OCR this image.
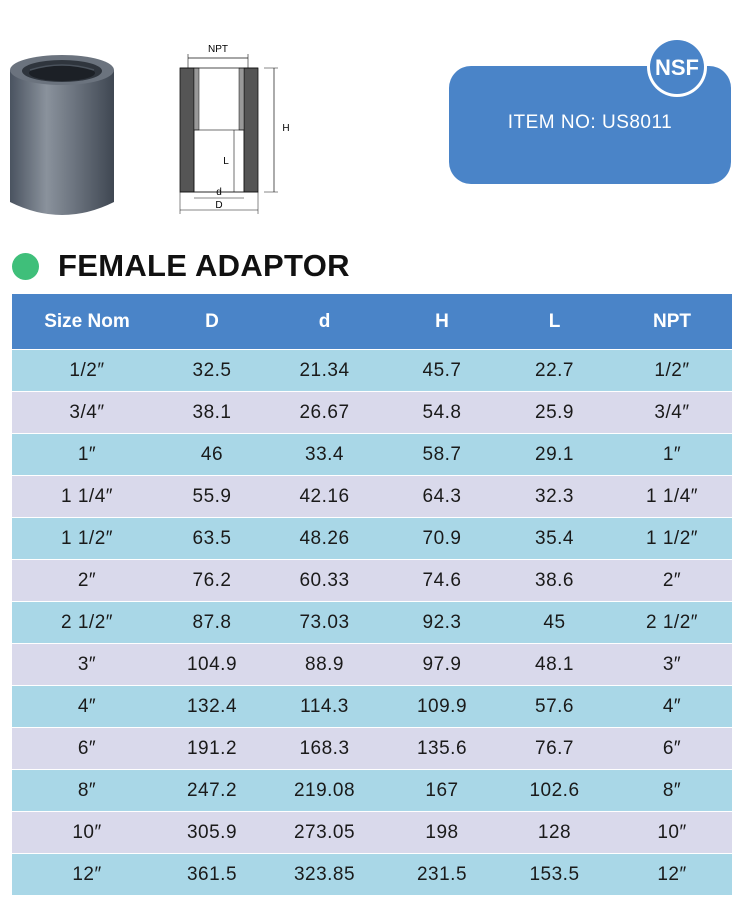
NPT
H
L
d
D
ITEM NO: US8011
NSF
FEMALE ADAPTOR
Size Nom	D	d	H	L	NPT
1/2″	32.5	21.34	45.7	22.7	1/2″
3/4″	38.1	26.67	54.8	25.9	3/4″
1″	46	33.4	58.7	29.1	1″
1 1/4″	55.9	42.16	64.3	32.3	1 1/4″
1 1/2″	63.5	48.26	70.9	35.4	1 1/2″
2″	76.2	60.33	74.6	38.6	2″
2 1/2″	87.8	73.03	92.3	45	2 1/2″
3″	104.9	88.9	97.9	48.1	3″
4″	132.4	114.3	109.9	57.6	4″
6″	191.2	168.3	135.6	76.7	6″
8″	247.2	219.08	167	102.6	8″
10″	305.9	273.05	198	128	10″
12″	361.5	323.85	231.5	153.5	12″
